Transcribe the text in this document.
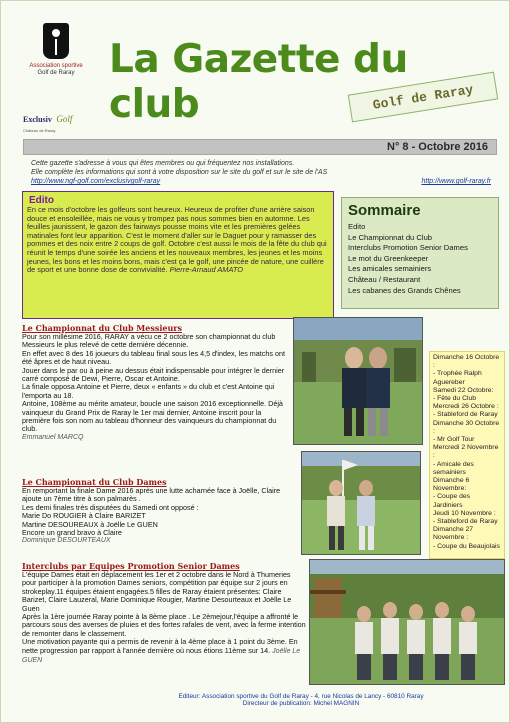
Association sportive
Golf de Raray
Exclusiv Golf
Château de Raray
La Gazette du club	Golf de Raray
N° 8 - Octobre 2016
Cette gazette s'adresse à vous qui êtes membres ou qui fréquentez nos installations.
Elle complète les informations qui sont à votre disposition sur le site du golf et sur le site de l'AS
http://www.ngf-golf.com/exclusivgolf-raray	http://www.golf-raray.fr
Edito

En ce mois d'octobre les golfeurs sont heureux. Heureux de profiter d'une arrière saison douce et ensoleillée, mais ne vous y trompez pas nous sommes bien en automne. Les feuilles jaunissent, le gazon des fairways pousse moins vite et les premières gelées matinales font leur apparition. C'est le moment d'aller sur le Daguet pour y ramasser des pommes et des noix entre 2 coups de golf. Octobre c'est aussi le mois de la fête du club qui réunit le temps d'une soirée les anciens et les nouveaux membres, les jeunes et les moins jeunes, les bons et les moins bons, mais c'est ça le golf, une pincée de nature, une cuillère de sport et une bonne dose de convivialité. Pierre-Arnaud AMATO

Sommaire
Edito
Le Championnat du Club
Interclubs Promotion Senior Dames
Le mot du Greenkeeper
Les amicales semainiers
Château / Restaurant
Les cabanes des Grands Chênes
Le Championnat du Club Messieurs
Pour son millésime 2016, RARAY a vécu ce 2 octobre son championnat du club Messieurs le plus relevé de cette dernière décennie.
En effet avec 8 des 16 joueurs du tableau final sous les 4,5 d'index, les matchs ont été âpres et de haut niveau.
Jouer dans le par ou à peine au dessus était indispensable pour intégrer le dernier carré composé de Dewi, Pierre, Oscar et Antoine.
La finale opposa Antoine et Pierre, deux « enfants » du club et c'est Antoine qui l'emporta au 18.
Antoine, 108ème au mérite amateur, boucle une saison 2016 exceptionnelle. Déjà vainqueur du Grand Prix de Raray le 1er mai dernier, Antoine inscrit pour la première fois son nom au tableau d'honneur des vainqueurs du championnat du club.
Emmanuel MARCQ
Dimanche 16 Octobre :
- Trophée Ralph Aguereber
Samedi 22 Octobre:
- Fête du Club
Mercredi 26 Octobre :
- Stableford de Raray
Dimanche 30 Octobre :
- Mr Golf Tour
Mercredi 2 Novembre :
- Amicale des semainiers
Dimanche 6 Novembre:
- Coupe des Jardiniers
Jeudi 10 Novembre :
- Stableford de Raray
Dimanche 27 Novembre :
- Coupe du Beaujolais
Le Championnat du Club Dames
En remportant la finale Dame 2016 après une lutte acharnée face à Joëlle, Claire ajoute un 7ème titre à son palmarès .
Les demi finales très disputées du Samedi ont opposé :
Marie Do ROUGIER à Claire BARIZET
Martine DESOUREAUX à Joëlle Le GUEN
Encore un grand bravo à Claire
Dominique DESOURTEAUX
Interclubs par Equipes Promotion Senior Dames
L'équipe Dames était en déplacement les 1er et 2 octobre dans le Nord à Thumeries pour participer à la promotion Dames seniors, compétition par équipe sur 2 jours en strokeplay.11 équipes étaient engagées.5 filles de Raray étaient présentes: Claire Barizet, Claire Lauzeral, Marie Dominique Rougier, Martine Desourteaux et Joëlle Le Guen
Après la 1ère journée Raray pointe à la 8ème place . Le 2èmejour,l'équipe a affronté le parcours sous des averses de pluies et des fortes rafales de vent, avec la ferme intention de remonter dans le classement.
Une motivation payante qui a permis de revenir à la 4ème place à 1 point du 3ème. En nette progression par rapport à l'année dernière où nous étions 11ème sur 14. Joëlle Le GUEN
Editeur: Association sportive du Golf de Raray - 4, rue Nicolas de Lancy - 60810 Raray
Directeur de publication: Michel MAGNIN
